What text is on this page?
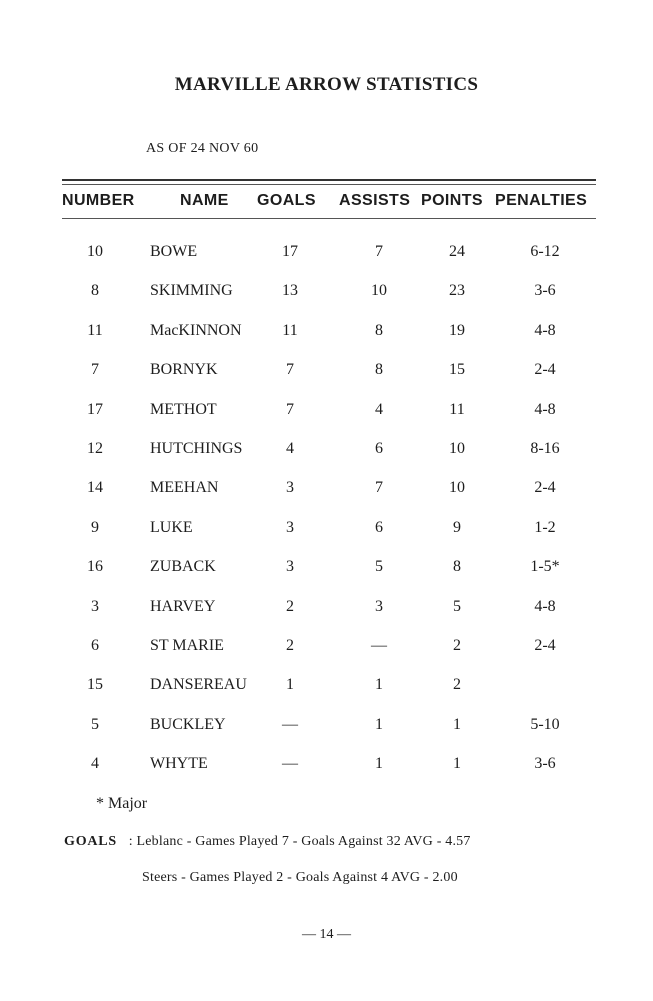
MARVILLE ARROW STATISTICS
AS OF 24 NOV 60
NUMBER	NAME GOALS ASSISTS POINTS PENALTIES
10	BOWE	17	7	24	6-12
8	SKIMMING	13	10	23	3-6
11	MacKINNON	11	8	19	4-8
7	BORNYK	7	8	15	2-4
17	METHOT	7	4	11	4-8
12	HUTCHINGS	4	6	10	8-16
14	MEEHAN	3	7	10	2-4
9	LUKE	3	6	9	1-2
16	ZUBACK	3	5	8	1-5*
3	HARVEY	2	3	5	4-8
6	ST MARIE	2	—	2	2-4
15	DANSEREAU	1	1	2
5	BUCKLEY	—	1	1	5-10
4	WHYTE	—	1	1	3-6
* Major
GOALS : Leblanc - Games Played 7 - Goals Against 32 AVG - 4.57
Steers - Games Played 2 - Goals Against 4 AVG - 2.00
— 14 —
